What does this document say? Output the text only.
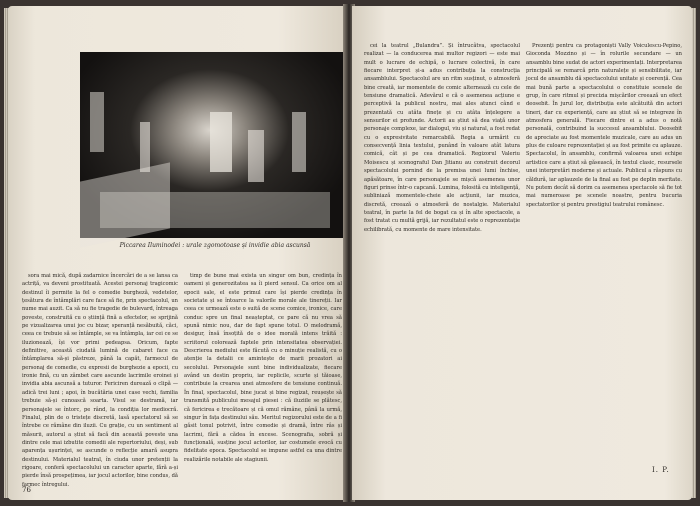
Piccarea Iluminodei : urale zgomotoase și invidie abia ascunsă

sora mai mică, după zadarnice încercări de a se lansa ca actriță, va deveni prostituată. Acestei personaj tragicomic destinul îi permite la fel o comedie burgheză, vedetelor, țesătura de întâmplări care face să fie, prin spectacolul, un nume mai auzit. Ca să nu fie tragedie de bulevard, întreaga poveste, construită cu o știință fină a efectelor, se sprijină pe vizualizarea unui joc cu bizar, speranță nesăbuită, căci, ceea ce trebuie să se întâmple, se va întâmpla, iar cei ce se iluzionează, își vor primi pedeapsa. Oricum, fapte definitive, această ciudată lumină de cabaret face ca întâmplarea să-și păstreze, până la capăt, farmecul de personaj de comedie, cu expresii de burghezie a epocii, cu ironie fină, cu un zâmbet care ascunde lacrimile eroinei și invidia abia ascunsă a tuturor. Fericiren durează o clipă — adică trei luni ; apoi, în bucătăria unei case vechi, familia trebuie să-și cunoască soarta. Visul se destramă, iar personajele se întorc, pe rând, la condiția lor mediocră. Finalul, plin de o tristețe discretă, lasă spectatorul să se întrebe ce rămâne din iluzii. Cu grație, cu un sentiment al măsurii, autorul a știut să facă din această poveste una dintre cele mai izbutite comedii ale repertoriului, deși, sub aparența ușurinței, se ascunde o reflecție amară asupra destinului. Materialul teatral, în ciuda unor pretenții la rigoare, conferă spectacolului un caracter aparte, fără a-și pierde însă prospețimea, iar jocul actorilor, bine condus, dă farmec întregului.

timp de bune mai exista un singur om bun, credința în oameni și generozitatea sa îi pierd sensul. Ca orice om al epocii sale, el este primul care își pierde credința în societate și se întoarce la valorile morale ale tinereții. Iar ceea ce urmează este o suită de scene comice, ironice, care conduc spre un final neașteptat, ce pare că nu vrea să spună nimic nou, dar de fapt spune totul. O melodramă, desigur, însă însoțită de o idee morală intens trăită : scriitorul colorează faptele prin intensitatea observației. Descrierea mediului este făcută cu o minuție realistă, cu o atenție la detalii ce amintește de marii prozatori ai secolului. Personajele sunt bine individualizate, fiecare având un destin propriu, iar replicile, scurte și tăioase, contribuie la crearea unei atmosfere de tensiune continuă. În final, spectacolul, bine jucat și bine regizat, reușește să transmită publicului mesajul piesei : că iluziile se plătesc, că fericirea e trecătoare și că omul rămâne, până la urmă, singur în fața destinului său. Meritul regizorului este de a fi găsit tonul potrivit, între comedie și dramă, între râs și lacrimi, fără a cădea în excese. Scenografia, sobră și funcțională, susține jocul actorilor, iar costumele evocă cu fidelitate epoca. Spectacolul se impune astfel ca una dintre realizările notabile ale stagiunii.

76

cei la teatrul „Bulandra”. Și întrucâtva, spectacolul realizat — la conducerea mai multor regizori — este mai mult o lucrare de echipă, o lucrare colectivă, în care fiecare interpret și-a adus contribuția la construcția ansamblului. Spectacolul are un ritm susținut, o atmosferă bine creată, iar momentele de comic alternează cu cele de tensiune dramatică. Adevărul e că o asemenea acțiune e perceptivă la publicul nostru, mai ales atunci când e prezentată cu atâta finețe și cu atâta înțelegere a sensurilor ei profunde. Actorii au știut să dea viață unor personaje complexe, iar dialogul, viu și natural, a fost redat cu o expresivitate remarcabilă. Regia a urmărit cu consecvență linia textului, punând în valoare atât latura comică, cât și pe cea dramatică. Regizorul Valeriu Moisescu și scenograful Dan Jitianu au construit decorul spectacolului pornind de la premisa unei lumi închise, apăsătoare, în care personajele se mișcă asemenea unor figuri prinse într-o capcană. Lumina, folosită cu inteligență, subliniază momentele-cheie ale acțiunii, iar muzica, discretă, creează o atmosferă de nostalgie. Materialul teatral, în parte la fel de bogat ca și în alte spectacole, a fost tratat cu multă grijă, iar rezultatul este o reprezentație echilibrată, cu momente de mare intensitate.

Prezenți pentru ca protagoniști Vally Voiculescu-Pepino, Gioconda Mozzino și — în rolurile secundare — un ansamblu bine sudat de actori experimentați. Interpretarea principală se remarcă prin naturalețe și sensibilitate, iar jocul de ansamblu dă spectacolului unitate și coerență. Cea mai bună parte a spectacolului o constituie scenele de grup, în care ritmul și precizia mișcărilor creează un efect deosebit. În jurul lor, distribuția este alcătuită din actori tineri, dar cu experiență, care au știut să se integreze în atmosfera generală. Fiecare dintre ei a adus o notă personală, contribuind la succesul ansamblului. Deosebit de apreciate au fost momentele muzicale, care au adus un plus de culoare reprezentației și au fost primite cu aplauze. Spectacolul, în ansamblu, confirmă valoarea unei echipe artistice care a știut să găsească, în textul clasic, resursele unei interpretări moderne și actuale. Publicul a răspuns cu căldură, iar aplauzele de la final au fost pe deplin meritate. Nu putem decât să dorim ca asemenea spectacole să fie tot mai numeroase pe scenele noastre, pentru bucuria spectatorilor și pentru prestigiul teatrului românesc.

I. P.
